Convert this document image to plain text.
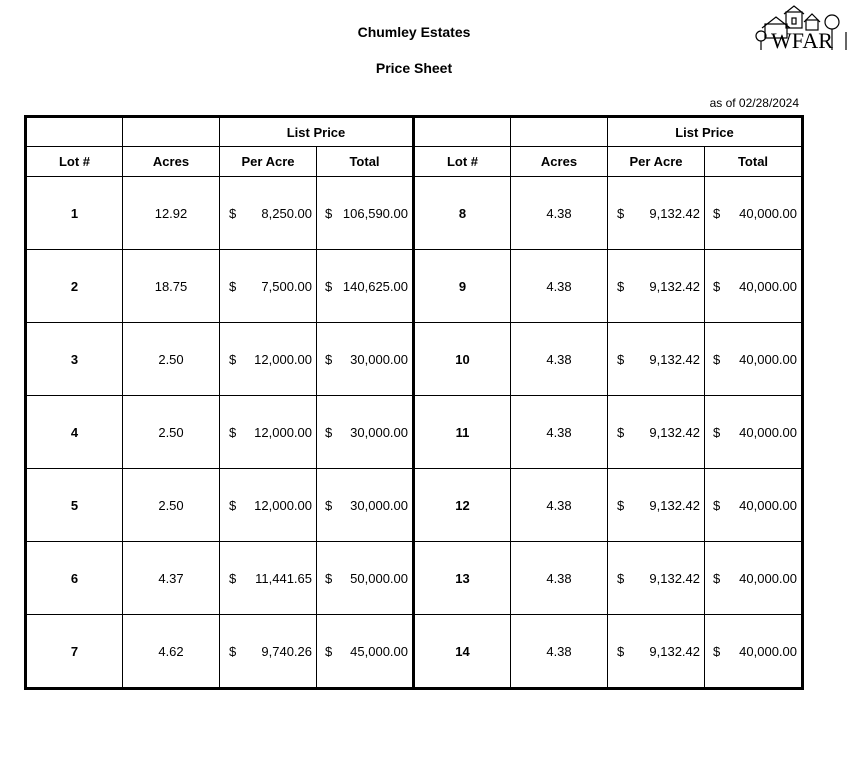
Chumley Estates
Price Sheet
as of 02/28/2024
WFAR
		List Price				List Price	
Lot #	Acres	Per Acre	Total	Lot #	Acres	Per Acre	Total
1	12.92	$ 8,250.00	$ 106,590.00	8	4.38	$ 9,132.42	$ 40,000.00

2	18.75	$ 7,500.00	$ 140,625.00	9	4.38	$ 9,132.42	$ 40,000.00

3	2.50	$ 12,000.00	$ 30,000.00	10	4.38	$ 9,132.42	$ 40,000.00

4	2.50	$ 12,000.00	$ 30,000.00	11	4.38	$ 9,132.42	$ 40,000.00

5	2.50	$ 12,000.00	$ 30,000.00	12	4.38	$ 9,132.42	$ 40,000.00

6	4.37	$ 11,441.65	$ 50,000.00	13	4.38	$ 9,132.42	$ 40,000.00

7	4.62	$ 9,740.26	$ 45,000.00	14	4.38	$ 9,132.42	$ 40,000.00
